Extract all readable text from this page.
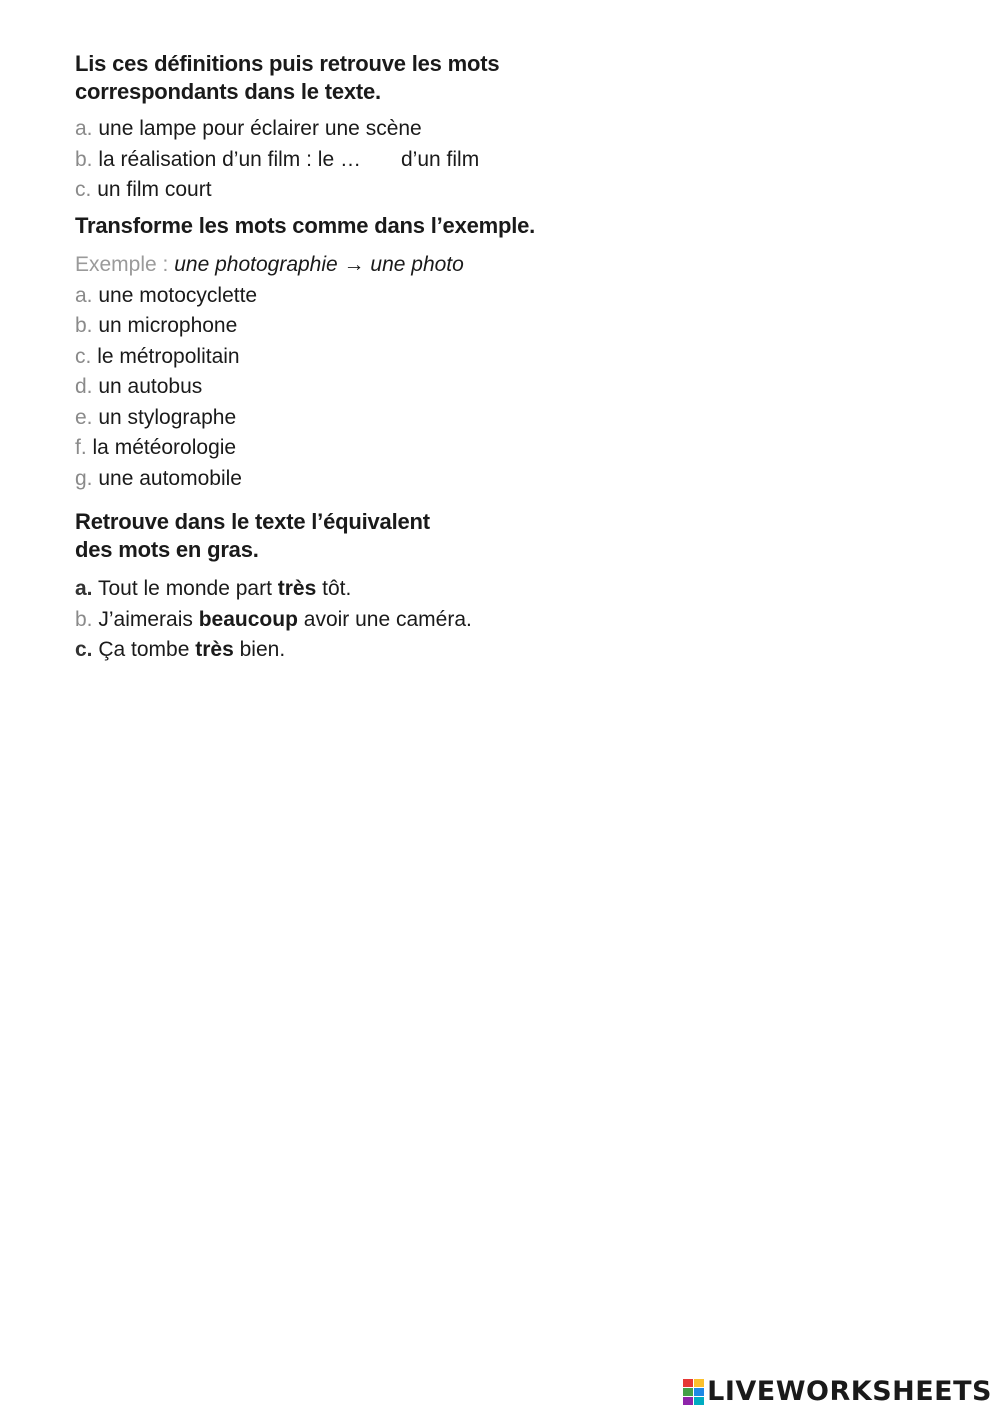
Lis ces définitions puis retrouve les mots
correspondants dans le texte.

a. une lampe pour éclairer une scène
b. la réalisation d’un film : le … d’un film
c. un film court

Transforme les mots comme dans l’exemple.

Exemple : une photographie → une photo
a. une motocyclette
b. un microphone
c. le métropolitain
d. un autobus
e. un stylographe
f. la météorologie
g. une automobile

Retrouve dans le texte l’équivalent
des mots en gras.

a. Tout le monde part très tôt.
b. J’aimerais beaucoup avoir une caméra.
c. Ça tombe très bien.
LIVEWORKSHEETS
